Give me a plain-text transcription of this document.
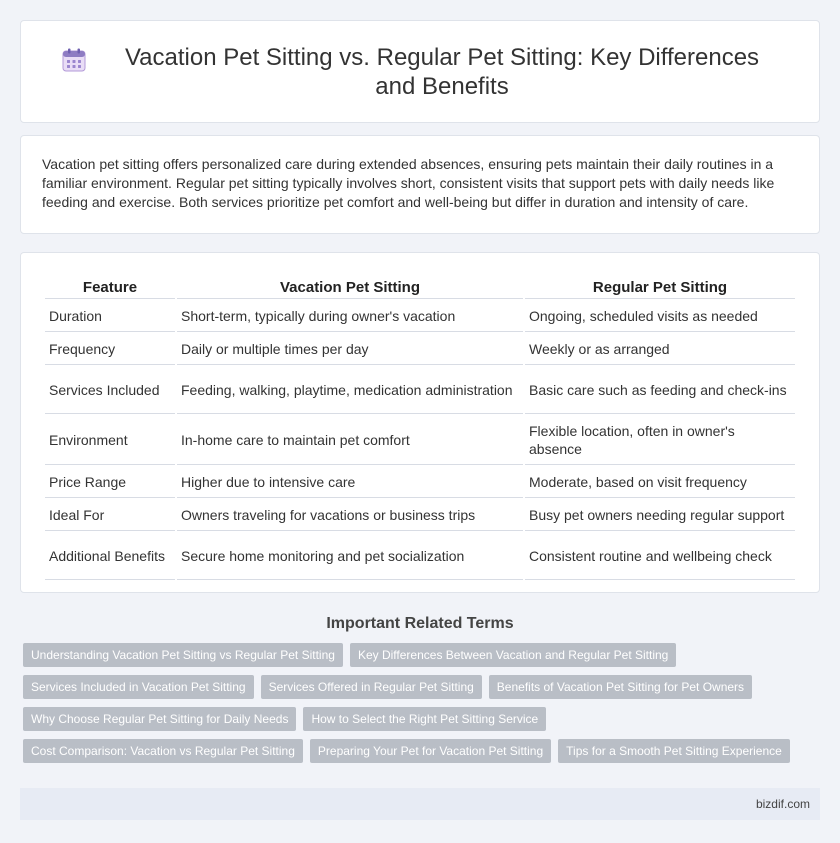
Vacation Pet Sitting vs. Regular Pet Sitting: Key Differences and Benefits

Vacation pet sitting offers personalized care during extended absences, ensuring pets maintain their daily routines in a familiar environment. Regular pet sitting typically involves short, consistent visits that support pets with daily needs like feeding and exercise. Both services prioritize pet comfort and well-being but differ in duration and intensity of care.

Feature	Vacation Pet Sitting	Regular Pet Sitting
Duration	Short-term, typically during owner's vacation	Ongoing, scheduled visits as needed
Frequency	Daily or multiple times per day	Weekly or as arranged
Services Included	Feeding, walking, playtime, medication administration	Basic care such as feeding and check-ins
Environment	In-home care to maintain pet comfort	Flexible location, often in owner's absence
Price Range	Higher due to intensive care	Moderate, based on visit frequency
Ideal For	Owners traveling for vacations or business trips	Busy pet owners needing regular support
Additional Benefits	Secure home monitoring and pet socialization	Consistent routine and wellbeing check
Important Related Terms
Understanding Vacation Pet Sitting vs Regular Pet Sitting	Key Differences Between Vacation and Regular Pet Sitting
Services Included in Vacation Pet Sitting	Services Offered in Regular Pet Sitting	Benefits of Vacation Pet Sitting for Pet Owners
Why Choose Regular Pet Sitting for Daily Needs	How to Select the Right Pet Sitting Service
Cost Comparison: Vacation vs Regular Pet Sitting	Preparing Your Pet for Vacation Pet Sitting	Tips for a Smooth Pet Sitting Experience
bizdif.com
